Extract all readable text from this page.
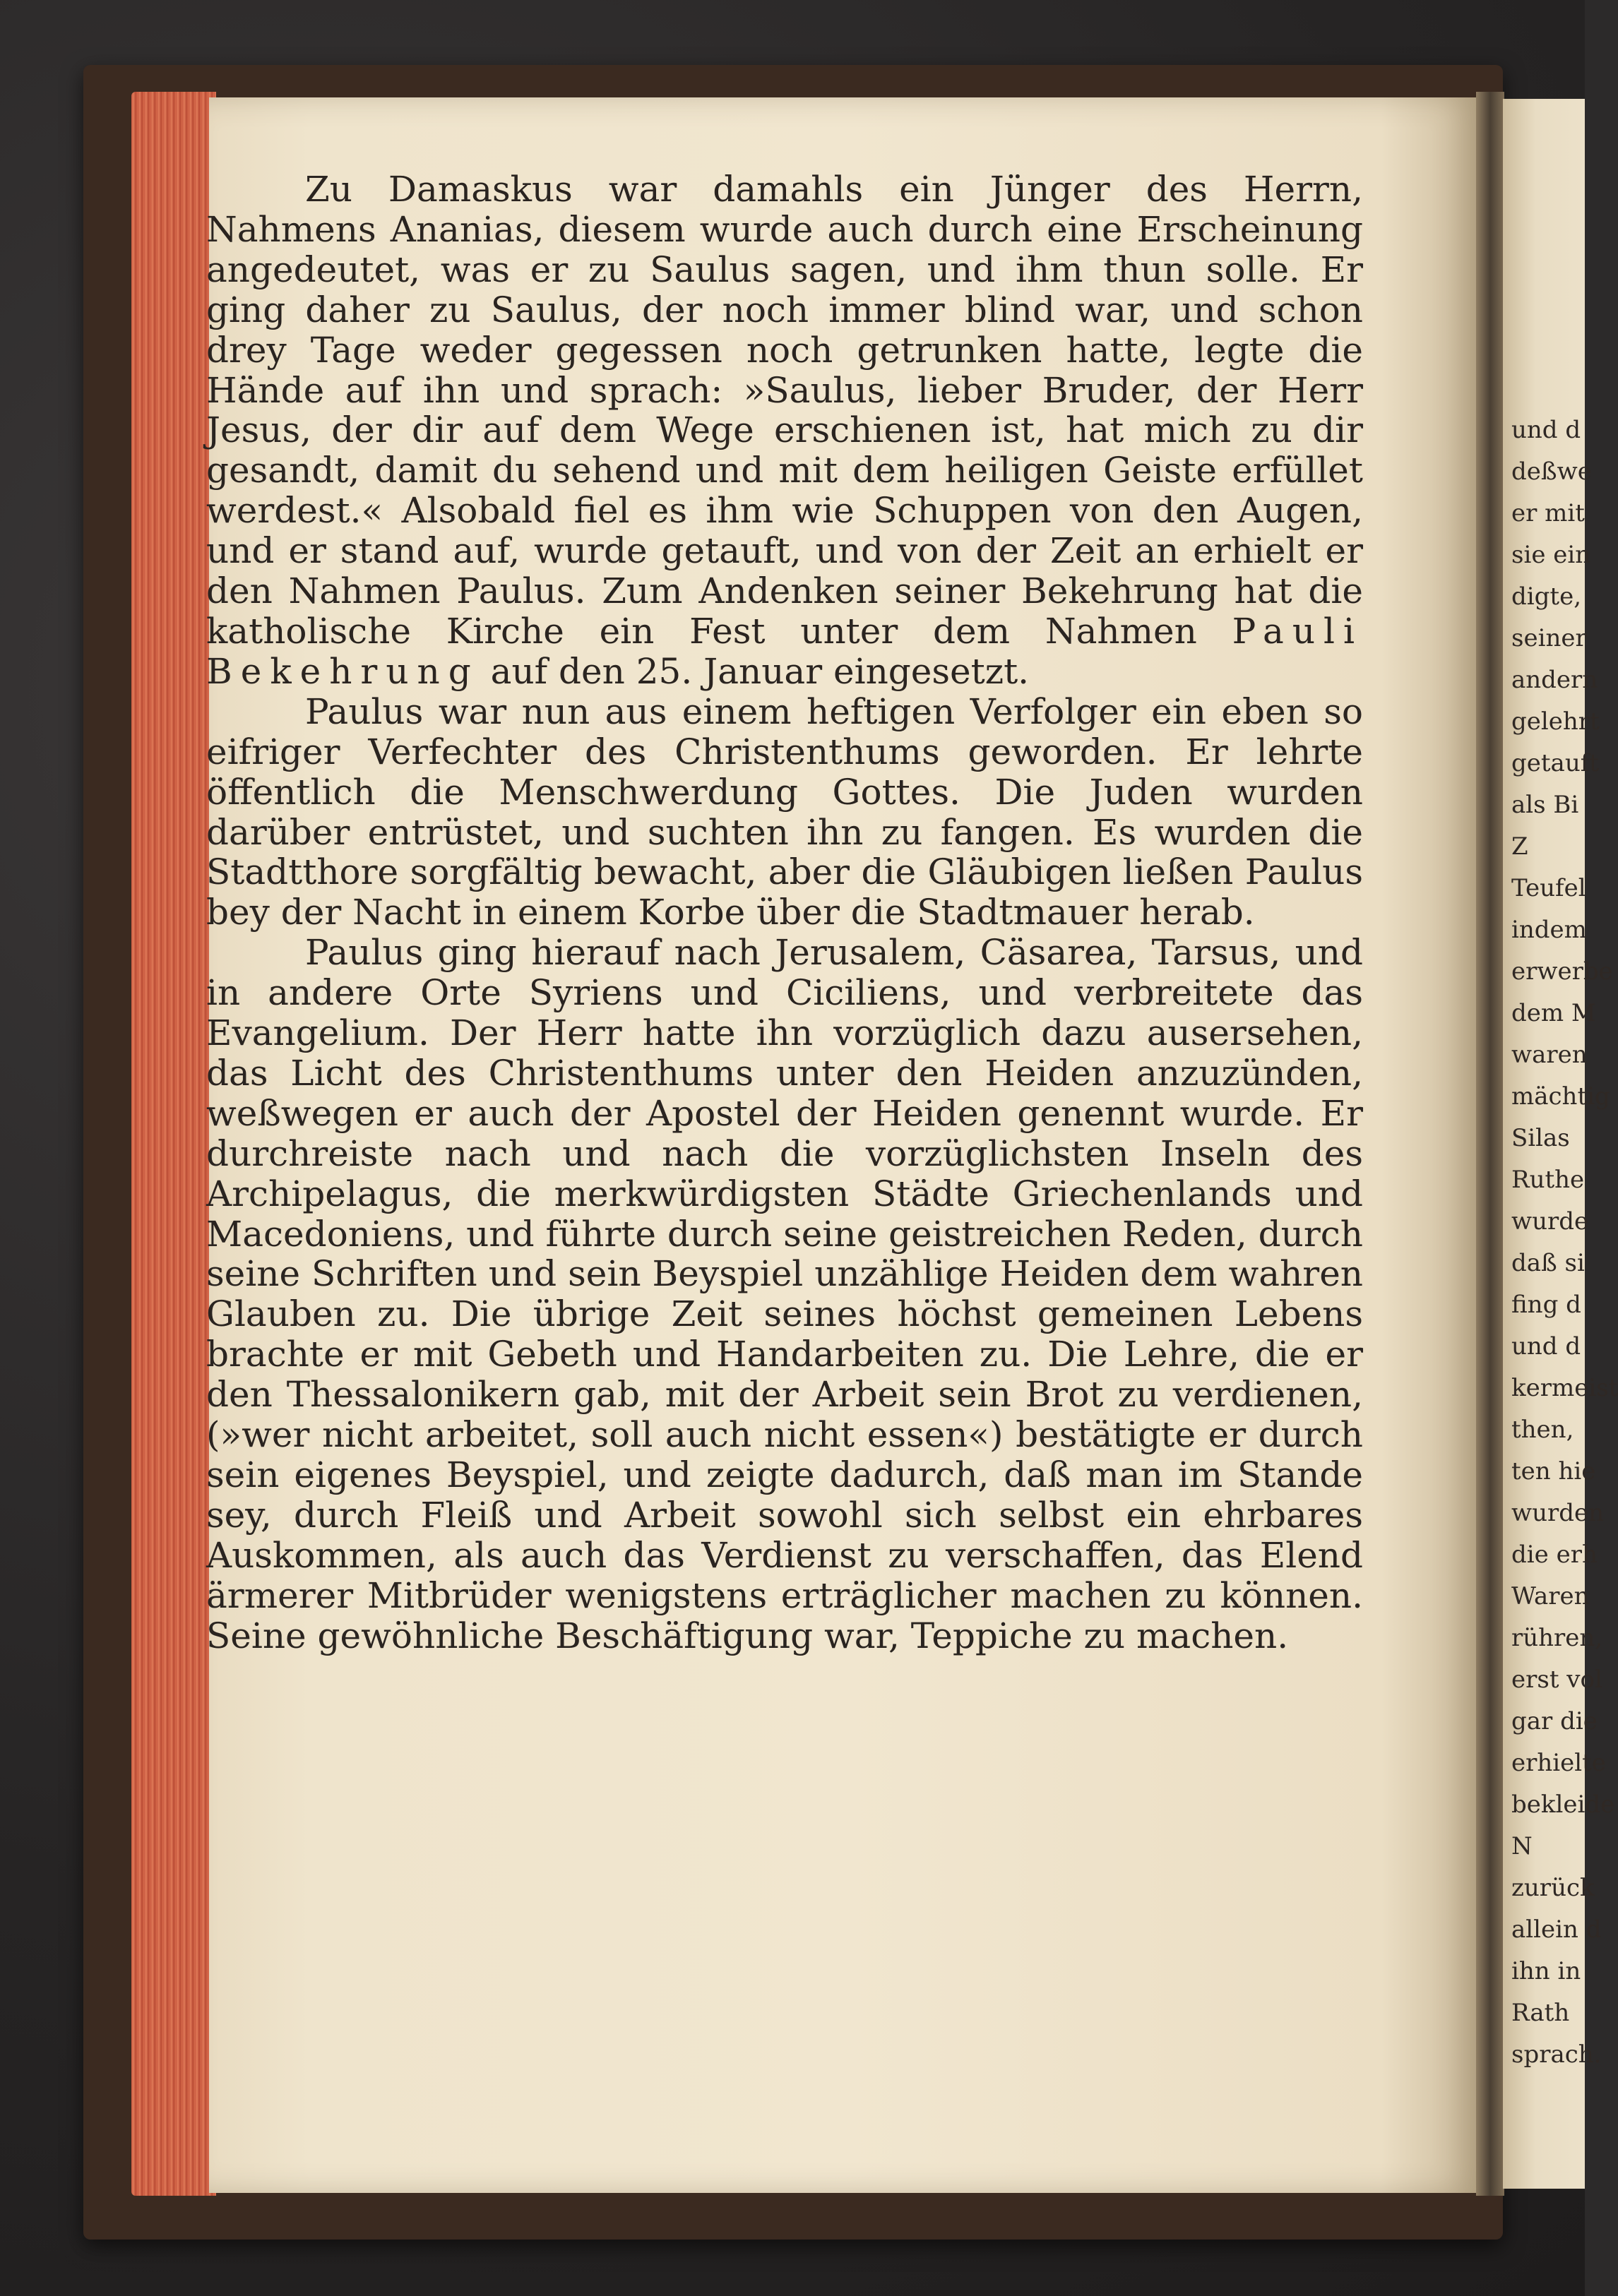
Zu Damaskus war damahls ein Jünger des Herrn, Nahmens Ananias, diesem wurde auch durch eine Erscheinung angedeutet, was er zu Saulus sagen, und ihm thun solle. Er ging daher zu Saulus, der noch immer blind war, und schon drey Tage weder gegessen noch getrunken hatte, legte die Hände auf ihn und sprach: »Saulus, lieber Bruder, der Herr Jesus, der dir auf dem Wege erschienen ist, hat mich zu dir gesandt, damit du sehend und mit dem heiligen Geiste erfüllet werdest.« Alsobald fiel es ihm wie Schuppen von den Augen, und er stand auf, wurde getauft, und von der Zeit an erhielt er den Nahmen Paulus. Zum Andenken seiner Bekehrung hat die katholische Kirche ein Fest unter dem Nahmen Pauli Bekehrung auf den 25. Januar eingesetzt.

Paulus war nun aus einem heftigen Verfolger ein eben so eifriger Verfechter des Christenthums geworden. Er lehrte öffentlich die Menschwerdung Gottes. Die Juden wurden darüber entrüstet, und suchten ihn zu fangen. Es wurden die Stadtthore sorgfältig bewacht, aber die Gläubigen ließen Paulus bey der Nacht in einem Korbe über die Stadtmauer herab.

Paulus ging hierauf nach Jerusalem, Cäsarea, Tarsus, und in andere Orte Syriens und Ciciliens, und verbreitete das Evangelium. Der Herr hatte ihn vorzüglich dazu ausersehen, das Licht des Christenthums unter den Heiden anzuzünden, weßwegen er auch der Apostel der Heiden genennt wurde. Er durchreiste nach und nach die vorzüglichsten Inseln des Archipelagus, die merkwürdigsten Städte Griechenlands und Macedoniens, und führte durch seine geistreichen Reden, durch seine Schriften und sein Beyspiel unzählige Heiden dem wahren Glauben zu. Die übrige Zeit seines höchst gemeinen Lebens brachte er mit Gebeth und Handarbeiten zu. Die Lehre, die er den Thessalonikern gab, mit der Arbeit sein Brot zu verdienen, (»wer nicht arbeitet, soll auch nicht essen«) bestätigte er durch sein eigenes Beyspiel, und zeigte dadurch, daß man im Stande sey, durch Fleiß und Arbeit sowohl sich selbst ein ehrbares Auskommen, als auch das Verdienst zu verschaffen, das Elend ärmerer Mitbrüder wenigstens erträglicher machen zu können. Seine gewöhnliche Beschäftigung war, Teppiche zu machen.

und d
deßwe
er mit
sie ein
digte,
seiner
andern
gelehrt
getauft
als Bi
Z
Teufel
indem
erwerbe
dem M
waren
mächtig
Silas
Ruthe
wurde
daß si
fing d
und d
kermeist
then,
ten hie
wurden
die erh
Waren
rühren,
erst vol
gar die
erhielte
bekleide
N
zurück
allein d
ihn in
Rath
sprach.
